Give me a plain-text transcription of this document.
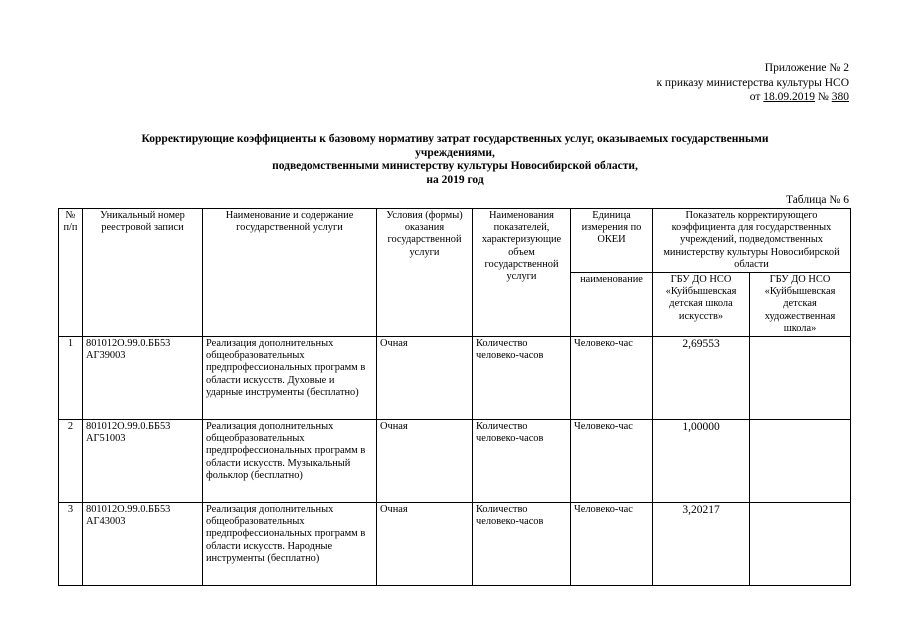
Приложение № 2
к приказу министерства культуры НСО
от 18.09.2019 № 380
Корректирующие коэффициенты к базовому нормативу затрат государственных услуг, оказываемых государственными
учреждениями,
подведомственными министерству культуры Новосибирской области,
на 2019 год
Таблица № 6
№ п/п	Уникальный номер реестровой записи	Наименование и содержание государственной услуги	Условия (формы) оказания государственной услуги	Наименования показателей, характеризующие объем государственной услуги	Единица измерения по ОКЕИ	Показатель корректирующего коэффициента для государственных учреждений, подведомственных министерству культуры Новосибирской области	
					наименование	ГБУ ДО НСО «Куйбышевская детская школа искусств»	ГБУ ДО НСО «Куйбышевская детская художественная школа»
1	801012О.99.0.ББ53 АГ39003	Реализация дополнительных общеобразовательных предпрофессиональных программ в области искусств. Духовые и ударные инструменты (бесплатно)	Очная	Количество человеко-часов	Человеко-час	2,69553	
2	801012О.99.0.ББ53 АГ51003	Реализация дополнительных общеобразовательных предпрофессиональных программ в области искусств. Музыкальный фольклор (бесплатно)	Очная	Количество человеко-часов	Человеко-час	1,00000	
3	801012О.99.0.ББ53 АГ43003	Реализация дополнительных общеобразовательных предпрофессиональных программ в области искусств. Народные инструменты (бесплатно)	Очная	Количество человеко-часов	Человеко-час	3,20217	
